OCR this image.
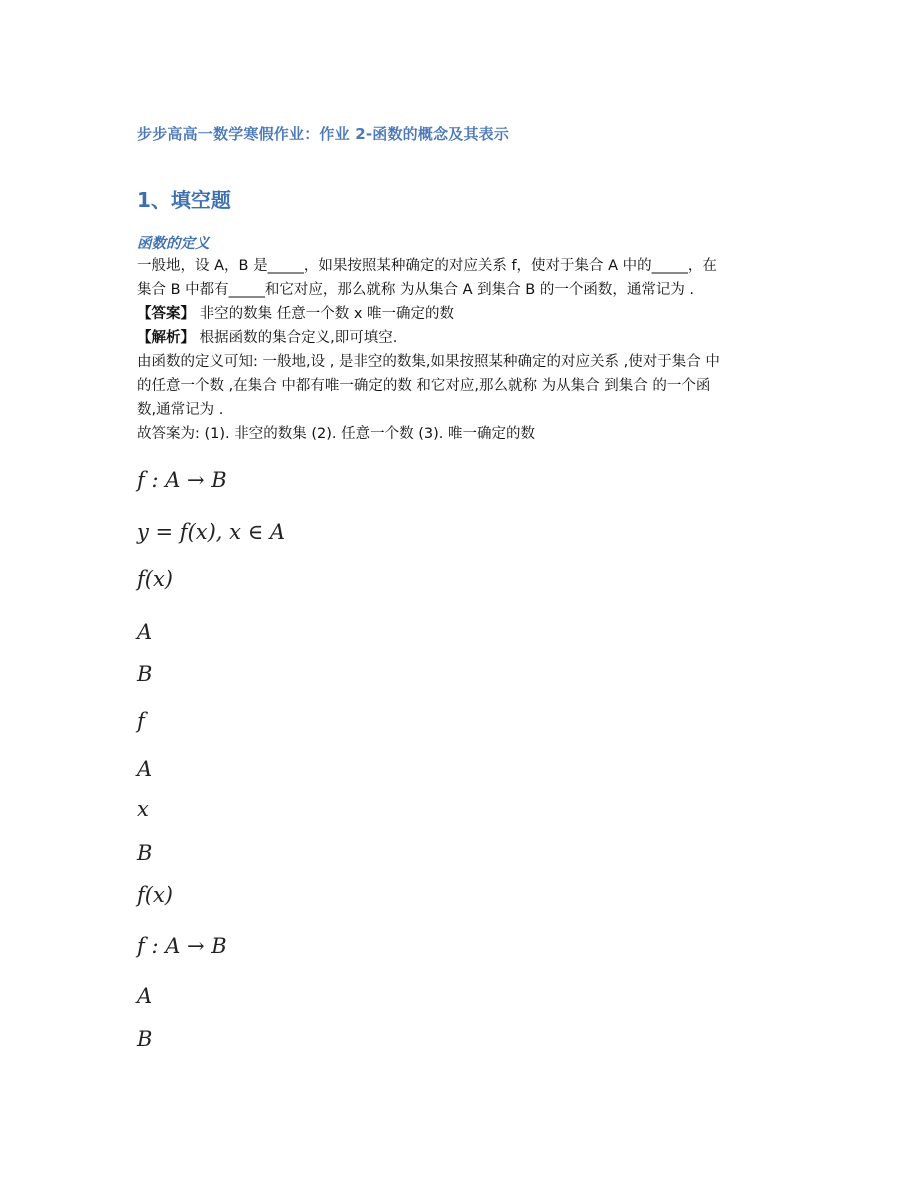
步步高高一数学寒假作业：作业 2-函数的概念及其表示
1、填空题
函数的定义
一般地，设 A，B 是_____，如果按照某种确定的对应关系 f，使对于集合 A 中的_____，在
集合 B 中都有_____和它对应，那么就称 为从集合 A 到集合 B 的一个函数，通常记为 .
【答案】 非空的数集 任意一个数 x 唯一确定的数
【解析】 根据函数的集合定义,即可填空.
由函数的定义可知: 一般地,设 , 是非空的数集,如果按照某种确定的对应关系 ,使对于集合 中
的任意一个数 ,在集合 中都有唯一确定的数 和它对应,那么就称 为从集合 到集合 的一个函
数,通常记为 .
故答案为: (1). 非空的数集 (2). 任意一个数 (3). 唯一确定的数
f : A → B
y = f(x), x ∈ A
f(x)
A
B
f
A
x
B
f(x)
f : A → B
A
B
